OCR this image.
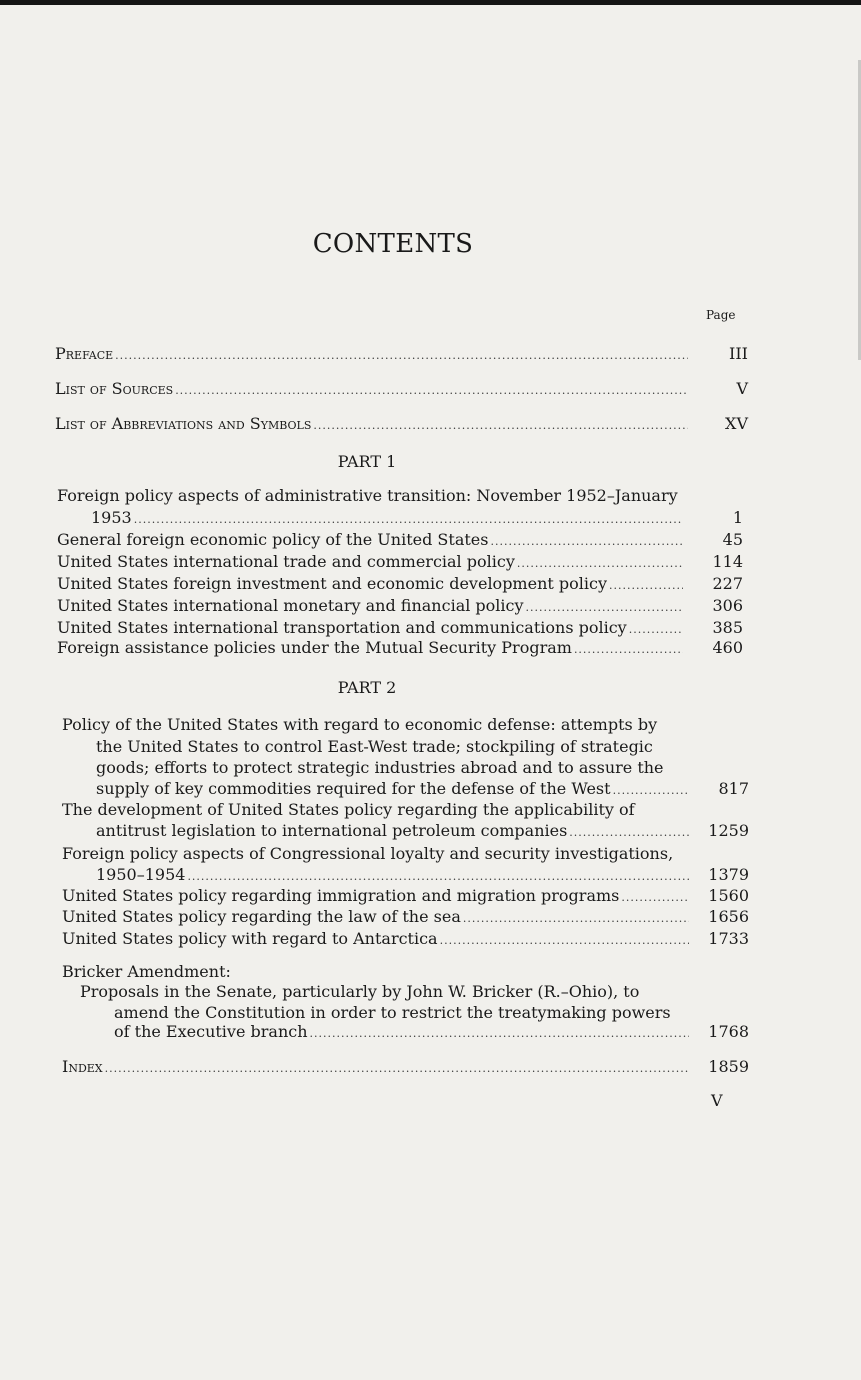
CONTENTS
Page
Preface .....	III
List of Sources .....	V
List of Abbreviations and Symbols .....	XV
PART 1
Foreign policy aspects of administrative transition: November 1952–January
1953 .....	1
General foreign economic policy of the United States .....	45
United States international trade and commercial policy .....	114
United States foreign investment and economic development policy .....	227
United States international monetary and financial policy .....	306
United States international transportation and communications policy .....	385
Foreign assistance policies under the Mutual Security Program .....	460
PART 2
Policy of the United States with regard to economic defense: attempts by
the United States to control East-West trade; stockpiling of strategic
goods; efforts to protect strategic industries abroad and to assure the
supply of key commodities required for the defense of the West .....	817
The development of United States policy regarding the applicability of
antitrust legislation to international petroleum companies .....	1259
Foreign policy aspects of Congressional loyalty and security investigations,
1950–1954 .....	1379
United States policy regarding immigration and migration programs .....	1560
United States policy regarding the law of the sea .....	1656
United States policy with regard to Antarctica .....	1733
Bricker Amendment:
Proposals in the Senate, particularly by John W. Bricker (R.–Ohio), to
amend the Constitution in order to restrict the treatymaking powers
of the Executive branch .....	1768
Index .....	1859
V
